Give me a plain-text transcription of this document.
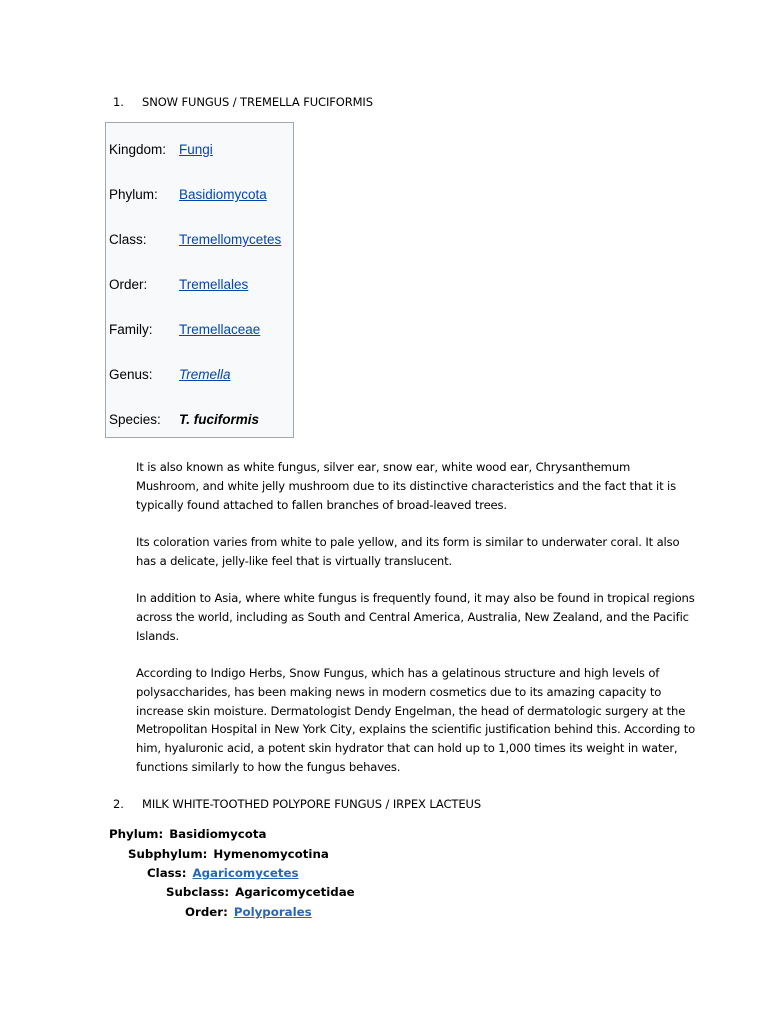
1. SNOW FUNGUS / TREMELLA FUCIFORMIS
Kingdom: Fungi
Phylum: Basidiomycota
Class: Tremellomycetes
Order: Tremellales
Family: Tremellaceae
Genus: Tremella
Species: T. fuciformis

It is also known as white fungus, silver ear, snow ear, white wood ear, Chrysanthemum Mushroom, and white jelly mushroom due to its distinctive characteristics and the fact that it is typically found attached to fallen branches of broad-leaved trees.

Its coloration varies from white to pale yellow, and its form is similar to underwater coral. It also has a delicate, jelly-like feel that is virtually translucent.

In addition to Asia, where white fungus is frequently found, it may also be found in tropical regions across the world, including as South and Central America, Australia, New Zealand, and the Pacific Islands.

According to Indigo Herbs, Snow Fungus, which has a gelatinous structure and high levels of polysaccharides, has been making news in modern cosmetics due to its amazing capacity to increase skin moisture. Dermatologist Dendy Engelman, the head of dermatologic surgery at the Metropolitan Hospital in New York City, explains the scientific justification behind this. According to him, hyaluronic acid, a potent skin hydrator that can hold up to 1,000 times its weight in water, functions similarly to how the fungus behaves.

2. MILK WHITE-TOOTHED POLYPORE FUNGUS / IRPEX LACTEUS
Phylum: Basidiomycota
Subphylum: Hymenomycotina
Class: Agaricomycetes
Subclass: Agaricomycetidae
Order: Polyporales
